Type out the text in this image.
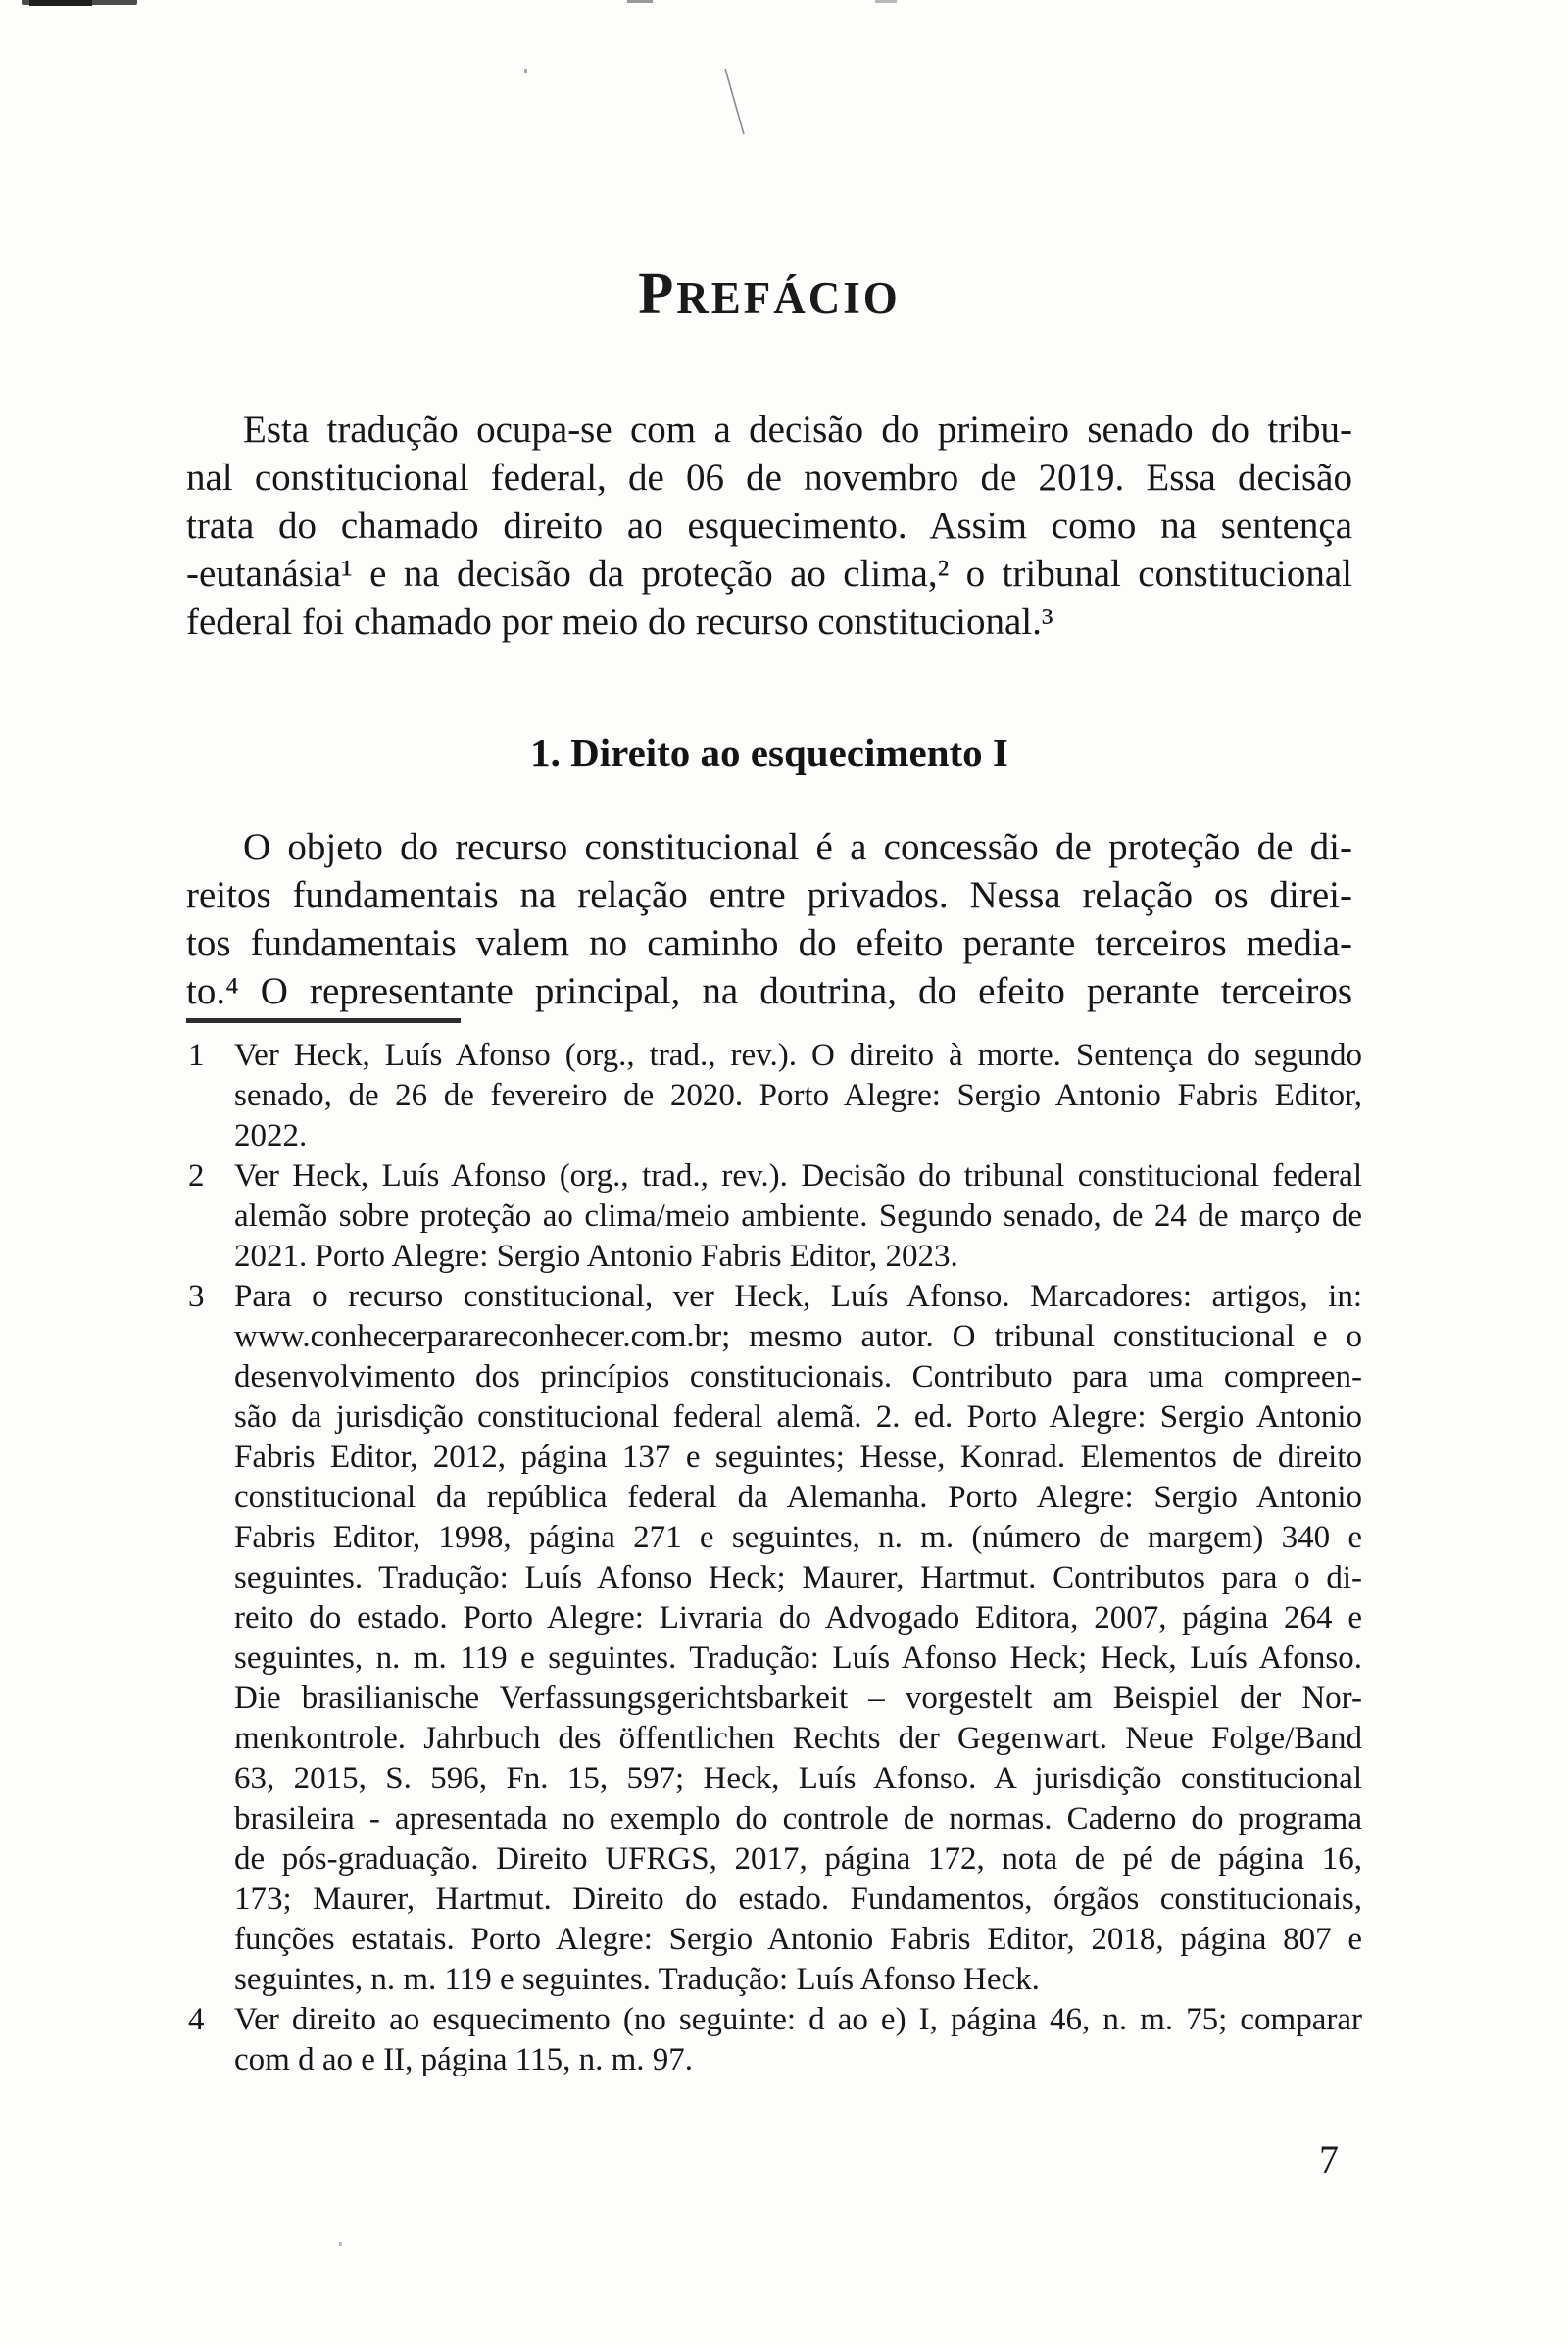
PREFÁCIO
Esta tradução ocupa-se com a decisão do primeiro senado do tribu-
nal constitucional federal, de 06 de novembro de 2019. Essa decisão
trata do chamado direito ao esquecimento. Assim como na sentença
-eutanásia¹ e na decisão da proteção ao clima,² o tribunal constitucional
federal foi chamado por meio do recurso constitucional.³
1. Direito ao esquecimento I
O objeto do recurso constitucional é a concessão de proteção de di-
reitos fundamentais na relação entre privados. Nessa relação os direi-
tos fundamentais valem no caminho do efeito perante terceiros media-
to.⁴ O representante principal, na doutrina, do efeito perante terceiros
1 Ver Heck, Luís Afonso (org., trad., rev.). O direito à morte. Sentença do segundo
senado, de 26 de fevereiro de 2020. Porto Alegre: Sergio Antonio Fabris Editor,
2022.
2 Ver Heck, Luís Afonso (org., trad., rev.). Decisão do tribunal constitucional federal
alemão sobre proteção ao clima/meio ambiente. Segundo senado, de 24 de março de
2021. Porto Alegre: Sergio Antonio Fabris Editor, 2023.
3 Para o recurso constitucional, ver Heck, Luís Afonso. Marcadores: artigos, in:
www.conhecerparareconhecer.com.br; mesmo autor. O tribunal constitucional e o
desenvolvimento dos princípios constitucionais. Contributo para uma compreen-
são da jurisdição constitucional federal alemã. 2. ed. Porto Alegre: Sergio Antonio
Fabris Editor, 2012, página 137 e seguintes; Hesse, Konrad. Elementos de direito
constitucional da república federal da Alemanha. Porto Alegre: Sergio Antonio
Fabris Editor, 1998, página 271 e seguintes, n. m. (número de margem) 340 e
seguintes. Tradução: Luís Afonso Heck; Maurer, Hartmut. Contributos para o di-
reito do estado. Porto Alegre: Livraria do Advogado Editora, 2007, página 264 e
seguintes, n. m. 119 e seguintes. Tradução: Luís Afonso Heck; Heck, Luís Afonso.
Die brasilianische Verfassungsgerichtsbarkeit – vorgestelt am Beispiel der Nor-
menkontrole. Jahrbuch des öffentlichen Rechts der Gegenwart. Neue Folge/Band
63, 2015, S. 596, Fn. 15, 597; Heck, Luís Afonso. A jurisdição constitucional
brasileira - apresentada no exemplo do controle de normas. Caderno do programa
de pós-graduação. Direito UFRGS, 2017, página 172, nota de pé de página 16,
173; Maurer, Hartmut. Direito do estado. Fundamentos, órgãos constitucionais,
funções estatais. Porto Alegre: Sergio Antonio Fabris Editor, 2018, página 807 e
seguintes, n. m. 119 e seguintes. Tradução: Luís Afonso Heck.
4 Ver direito ao esquecimento (no seguinte: d ao e) I, página 46, n. m. 75; comparar
com d ao e II, página 115, n. m. 97.
7
